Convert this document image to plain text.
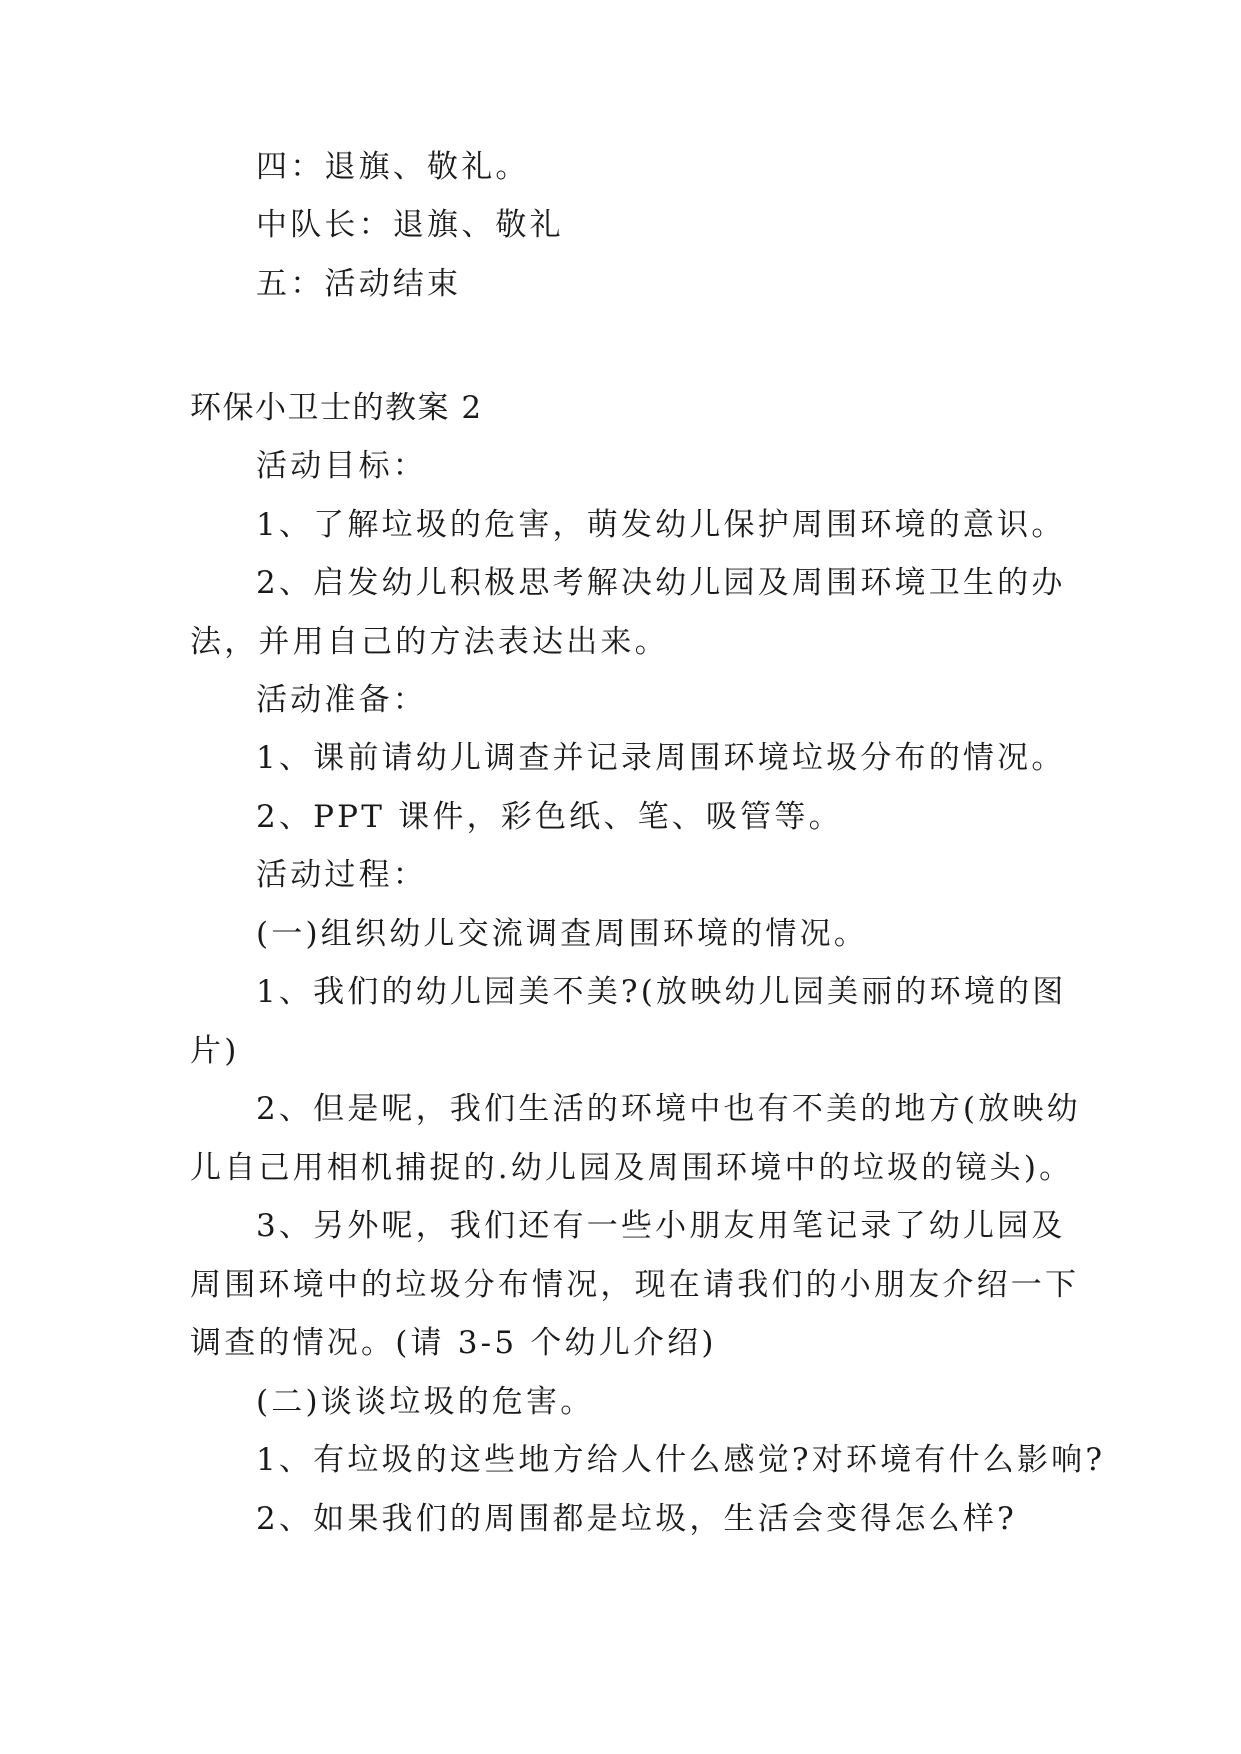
四：退旗、敬礼。
中队长：退旗、敬礼
五：活动结束
环保小卫士的教案 2
活动目标：
1、了解垃圾的危害，萌发幼儿保护周围环境的意识。
2、启发幼儿积极思考解决幼儿园及周围环境卫生的办
法，并用自己的方法表达出来。
活动准备：
1、课前请幼儿调查并记录周围环境垃圾分布的情况。
2、PPT 课件，彩色纸、笔、吸管等。
活动过程：
(一)组织幼儿交流调查周围环境的情况。
1、我们的幼儿园美不美?(放映幼儿园美丽的环境的图
片)
2、但是呢，我们生活的环境中也有不美的地方(放映幼
儿自己用相机捕捉的.幼儿园及周围环境中的垃圾的镜头)。
3、另外呢，我们还有一些小朋友用笔记录了幼儿园及
周围环境中的垃圾分布情况，现在请我们的小朋友介绍一下
调查的情况。(请 3-5 个幼儿介绍)
(二)谈谈垃圾的危害。
1、有垃圾的这些地方给人什么感觉?对环境有什么影响?
2、如果我们的周围都是垃圾，生活会变得怎么样?
